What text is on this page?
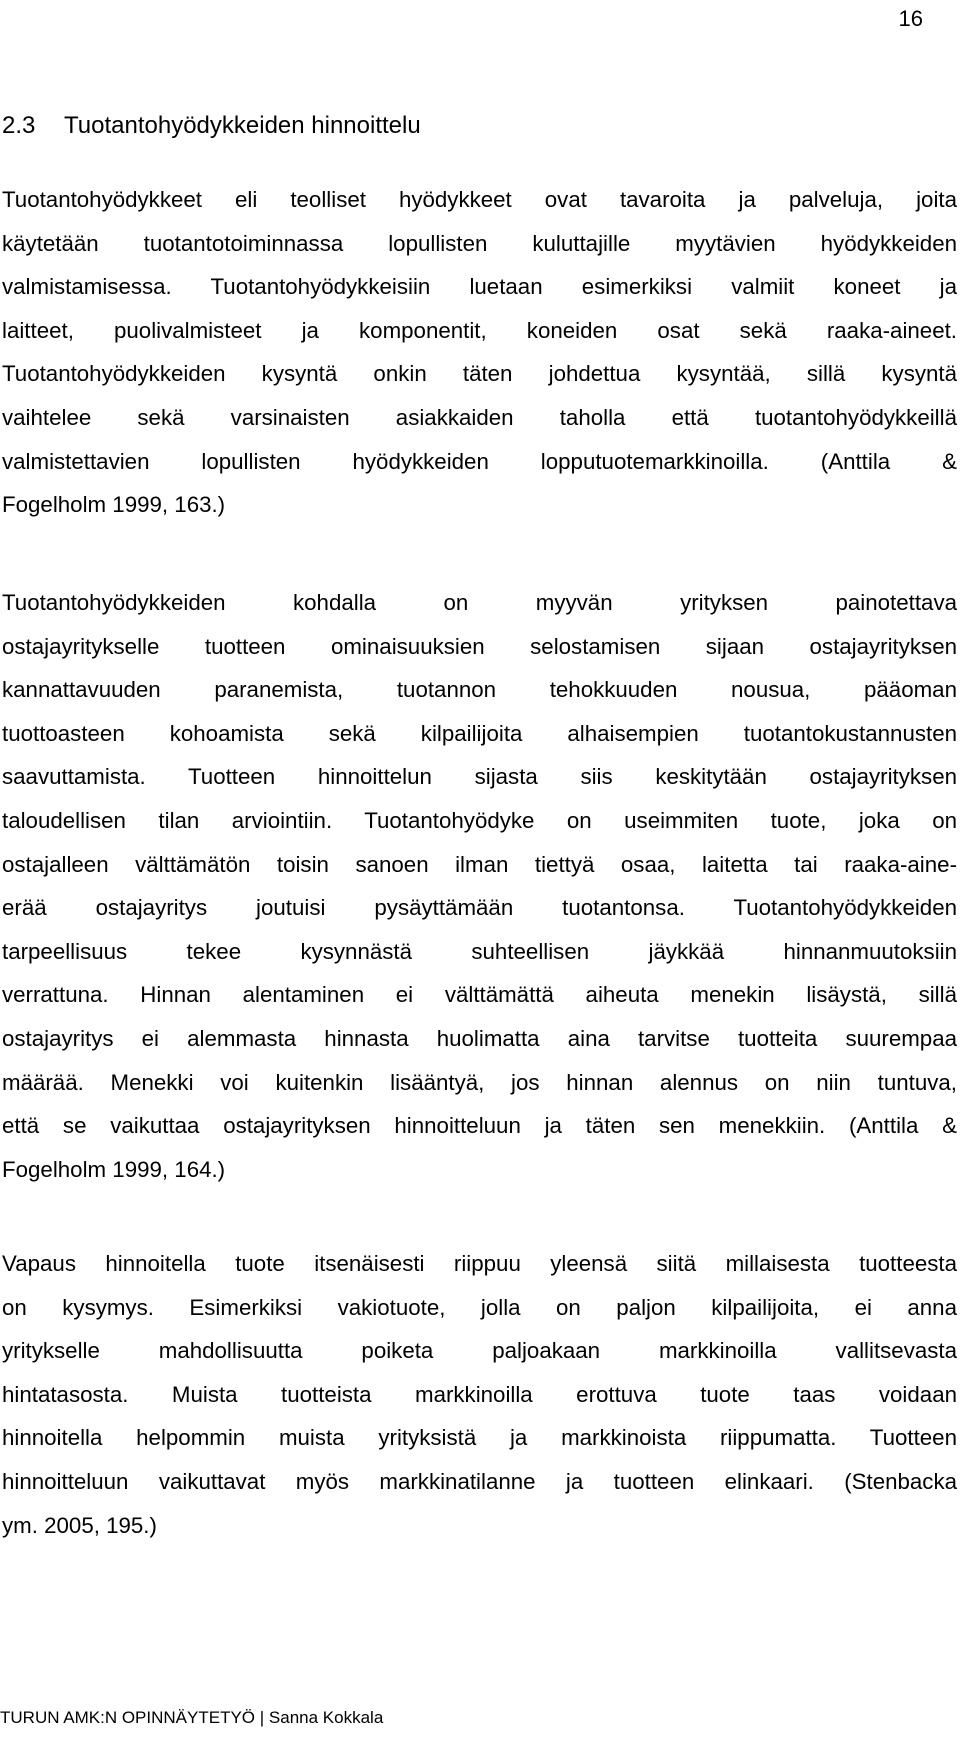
16
2.3 Tuotantohyödykkeiden hinnoittelu

Tuotantohyödykkeet eli teolliset hyödykkeet ovat tavaroita ja palveluja, joita
käytetään tuotantotoiminnassa lopullisten kuluttajille myytävien hyödykkeiden
valmistamisessa. Tuotantohyödykkeisiin luetaan esimerkiksi valmiit koneet ja
laitteet, puolivalmisteet ja komponentit, koneiden osat sekä raaka-aineet.
Tuotantohyödykkeiden kysyntä onkin täten johdettua kysyntää, sillä kysyntä
vaihtelee sekä varsinaisten asiakkaiden taholla että tuotantohyödykkeillä
valmistettavien lopullisten hyödykkeiden lopputuotemarkkinoilla. (Anttila &
Fogelholm 1999, 163.)

Tuotantohyödykkeiden kohdalla on myyvän yrityksen painotettava
ostajayritykselle tuotteen ominaisuuksien selostamisen sijaan ostajayrityksen
kannattavuuden paranemista, tuotannon tehokkuuden nousua, pääoman
tuottoasteen kohoamista sekä kilpailijoita alhaisempien tuotantokustannusten
saavuttamista. Tuotteen hinnoittelun sijasta siis keskitytään ostajayrityksen
taloudellisen tilan arviointiin. Tuotantohyödyke on useimmiten tuote, joka on
ostajalleen välttämätön toisin sanoen ilman tiettyä osaa, laitetta tai raaka-aine-
erää ostajayritys joutuisi pysäyttämään tuotantonsa. Tuotantohyödykkeiden
tarpeellisuus tekee kysynnästä suhteellisen jäykkää hinnanmuutoksiin
verrattuna. Hinnan alentaminen ei välttämättä aiheuta menekin lisäystä, sillä
ostajayritys ei alemmasta hinnasta huolimatta aina tarvitse tuotteita suurempaa
määrää. Menekki voi kuitenkin lisääntyä, jos hinnan alennus on niin tuntuva,
että se vaikuttaa ostajayrityksen hinnoitteluun ja täten sen menekkiin. (Anttila &
Fogelholm 1999, 164.)

Vapaus hinnoitella tuote itsenäisesti riippuu yleensä siitä millaisesta tuotteesta
on kysymys. Esimerkiksi vakiotuote, jolla on paljon kilpailijoita, ei anna
yritykselle mahdollisuutta poiketa paljoakaan markkinoilla vallitsevasta
hintatasosta. Muista tuotteista markkinoilla erottuva tuote taas voidaan
hinnoitella helpommin muista yrityksistä ja markkinoista riippumatta. Tuotteen
hinnoitteluun vaikuttavat myös markkinatilanne ja tuotteen elinkaari. (Stenbacka
ym. 2005, 195.)

TURUN AMK:N OPINNÄYTETYÖ | Sanna Kokkala
